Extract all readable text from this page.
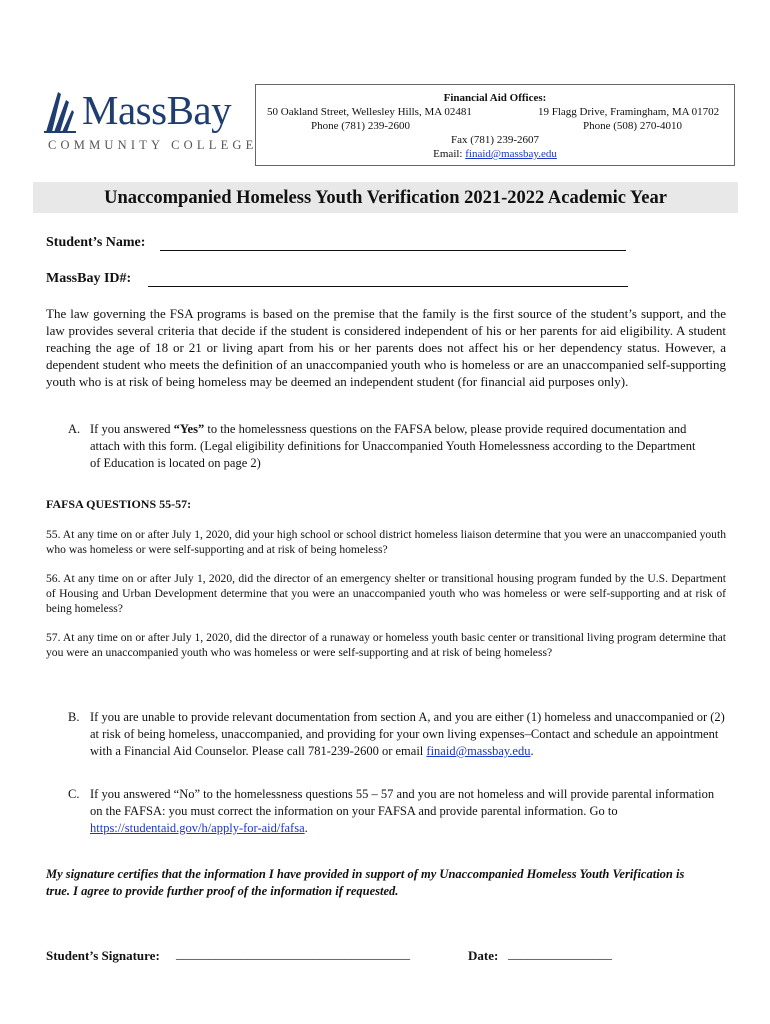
MassBay
COMMUNITY COLLEGE
Financial Aid Offices:
50 Oakland Street, Wellesley Hills, MA 02481
Phone (781) 239-2600
19 Flagg Drive, Framingham, MA 01702
Phone (508) 270-4010
Fax (781) 239-2607
Email: finaid@massbay.edu
Unaccompanied Homeless Youth Verification 2021-2022 Academic Year
Student’s Name:
MassBay ID#:
The law governing the FSA programs is based on the premise that the family is the first source of the student’s support, and the law provides several criteria that decide if the student is considered independent of his or her parents for aid eligibility. A student reaching the age of 18 or 21 or living apart from his or her parents does not affect his or her dependency status. However, a dependent student who meets the definition of an unaccompanied youth who is homeless or are an unaccompanied self-supporting youth who is at risk of being homeless may be deemed an independent student (for financial aid purposes only).
A. If you answered “Yes” to the homelessness questions on the FAFSA below, please provide required documentation and attach with this form. (Legal eligibility definitions for Unaccompanied Youth Homelessness according to the Department of Education is located on page 2)
FAFSA QUESTIONS 55-57:
55. At any time on or after July 1, 2020, did your high school or school district homeless liaison determine that you were an unaccompanied youth who was homeless or were self-supporting and at risk of being homeless?
56. At any time on or after July 1, 2020, did the director of an emergency shelter or transitional housing program funded by the U.S. Department of Housing and Urban Development determine that you were an unaccompanied youth who was homeless or were self-supporting and at risk of being homeless?
57. At any time on or after July 1, 2020, did the director of a runaway or homeless youth basic center or transitional living program determine that you were an unaccompanied youth who was homeless or were self-supporting and at risk of being homeless?
B. If you are unable to provide relevant documentation from section A, and you are either (1) homeless and unaccompanied or (2) at risk of being homeless, unaccompanied, and providing for your own living expenses–Contact and schedule an appointment with a Financial Aid Counselor. Please call 781-239-2600 or email finaid@massbay.edu.
C. If you answered “No” to the homelessness questions 55 – 57 and you are not homeless and will provide parental information on the FAFSA: you must correct the information on your FAFSA and provide parental information. Go to https://studentaid.gov/h/apply-for-aid/fafsa.
My signature certifies that the information I have provided in support of my Unaccompanied Homeless Youth Verification is true. I agree to provide further proof of the information if requested.
Student’s Signature: ____________________________________	Date: ________________
